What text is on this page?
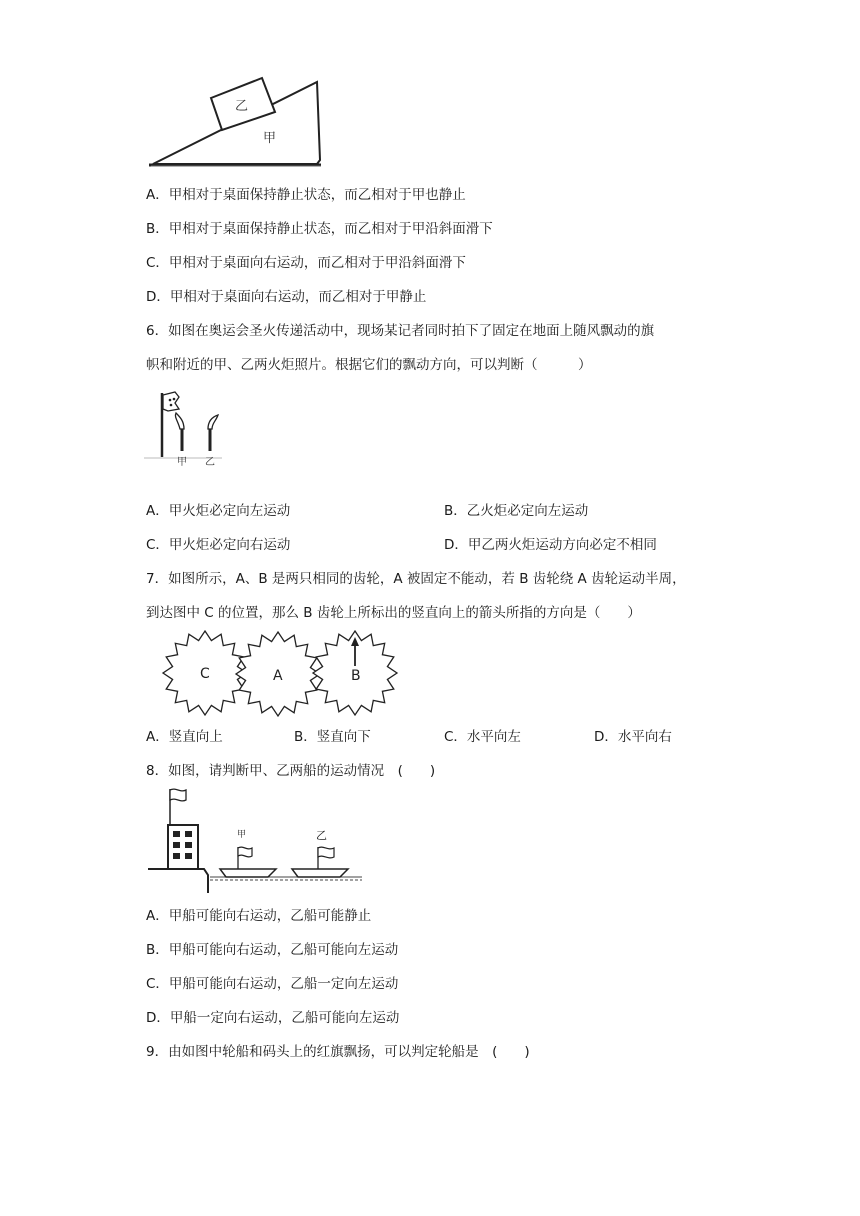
乙
甲
A．甲相对于桌面保持静止状态，而乙相对于甲也静止
B．甲相对于桌面保持静止状态，而乙相对于甲沿斜面滑下
C．甲相对于桌面向右运动，而乙相对于甲沿斜面滑下
D．甲相对于桌面向右运动，而乙相对于甲静止
6．如图在奥运会圣火传递活动中，现场某记者同时拍下了固定在地面上随风飘动的旗
帜和附近的甲、乙两火炬照片。根据它们的飘动方向，可以判断（　　　）
甲 乙
A．甲火炬必定向左运动	B．乙火炬必定向左运动
C．甲火炬必定向右运动	D．甲乙两火炬运动方向必定不相同
7．如图所示，A、B 是两只相同的齿轮，A 被固定不能动，若 B 齿轮绕 A 齿轮运动半周，
到达图中 C 的位置，那么 B 齿轮上所标出的竖直向上的箭头所指的方向是（　　）
C	A	B
A．竖直向上	B．竖直向下	C．水平向左	D．水平向右
8．如图，请判断甲、乙两船的运动情况　(　　)
甲	乙
A．甲船可能向右运动，乙船可能静止
B．甲船可能向右运动，乙船可能向左运动
C．甲船可能向右运动，乙船一定向左运动
D．甲船一定向右运动，乙船可能向左运动
9．由如图中轮船和码头上的红旗飘扬，可以判定轮船是　(　　)
